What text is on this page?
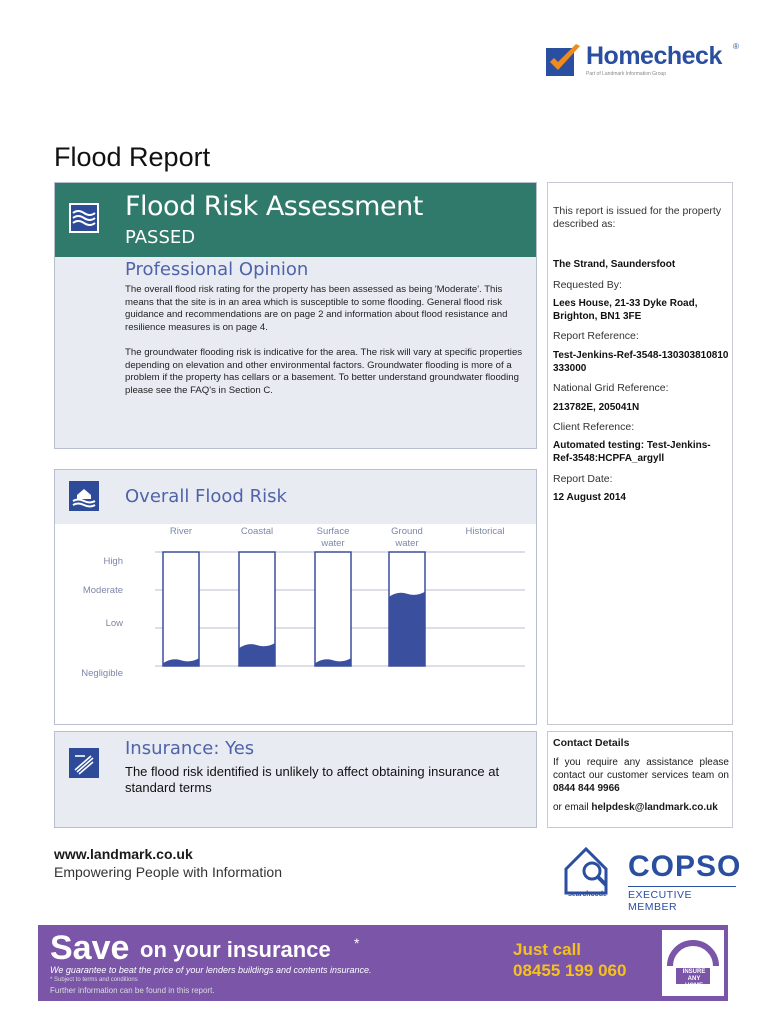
Homecheck ®
Part of Landmark Information Group
Flood Report
Flood Risk Assessment
PASSED
Professional Opinion
The overall flood risk rating for the property has been assessed as being 'Moderate'. This means that the site is in an area which is susceptible to some flooding. General flood risk guidance and recommendations are on page 2 and information about flood resistance and resilience measures is on page 4.
The groundwater flooding risk is indicative for the area. The risk will vary at specific properties depending on elevation and other environmental factors. Groundwater flooding is more of a problem if the property has cellars or a basement. To better understand groundwater flooding please see the FAQ's in Section C.
Overall Flood Risk
River	Coastal	Surface water
Ground water
Historical
Negligible
Low
Moderate
High
Insurance: Yes
The flood risk identified is unlikely to affect obtaining insurance at standard terms
This report is issued for the property described as:
The Strand, Saundersfoot
Requested By:
Lees House, 21-33 Dyke Road, Brighton, BN1 3FE
Report Reference:
Test-Jenkins-Ref-3548-130303810810333000
National Grid Reference:
213782E, 205041N
Client Reference:
Automated testing: Test-Jenkins-Ref-3548:HCPFA_argyll
Report Date:
12 August 2014
Contact Details
If you require any assistance please contact our customer services team on 0844 844 9966
or email helpdesk@landmark.co.uk
www.landmark.co.uk
Empowering People with Information
searchcode
COPSO
EXECUTIVE MEMBER
Save on your insurance *
We guarantee to beat the price of your lenders buildings and contents insurance.
* Subject to terms and conditions
Further information can be found in this report.
Just call
08455 199 060	INSURE ANY HOME
